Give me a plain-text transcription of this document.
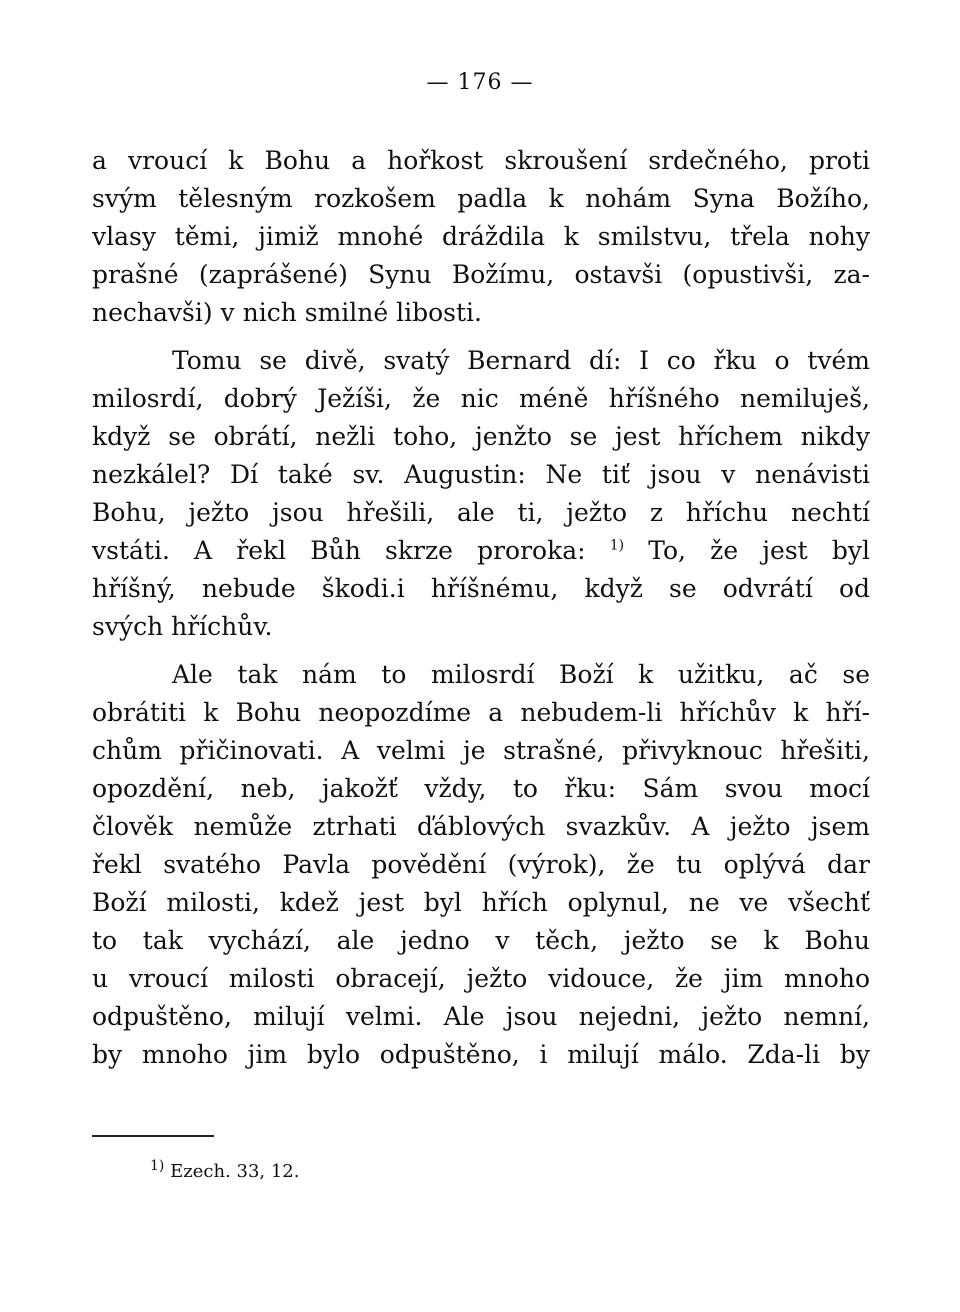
— 176 —
a vroucí k Bohu a hořkost skroušení srdečného, proti
svým tělesným rozkošem padla k nohám Syna Božího,
vlasy těmi, jimiž mnohé dráždila k smilstvu, třela nohy
prašné (zaprášené) Synu Božímu, ostavši (opustivši, za-
nechavši) v nich smilné libosti.
Tomu se divě, svatý Bernard dí: I co řku o tvém
milosrdí, dobrý Ježíši, že nic méně hříšného nemiluješ,
když se obrátí, nežli toho, jenžto se jest hříchem nikdy
nezkálel? Dí také sv. Augustin: Ne tiť jsou v nenávisti
Bohu, ježto jsou hřešili, ale ti, ježto z hříchu nechtí
vstáti. A řekl Bůh skrze proroka: $^{1)}$ To, že jest byl
hříšný, nebude škodi.i hříšnému, když se odvrátí od
svých hříchův.
Ale tak nám to milosrdí Boží k užitku, ač se
obrátiti k Bohu neopozdíme a nebudem-li hříchův k hří-
chům přičinovati. A velmi je strašné, přivyknouc hřešiti,
opozdění, neb, jakožť vždy, to řku: Sám svou mocí
člověk nemůže ztrhati ďáblových svazkův. A ježto jsem
řekl svatého Pavla povědění (výrok), že tu oplývá dar
Boží milosti, kdež jest byl hřích oplynul, ne ve všechť
to tak vychází, ale jedno v těch, ježto se k Bohu
u vroucí milosti obracejí, ježto vidouce, že jim mnoho
odpuštěno, milují velmi. Ale jsou nejedni, ježto nemní,
by mnoho jim bylo odpuštěno, i milují málo. Zda-li by
$^{1)}$ Ezech. 33, 12.
